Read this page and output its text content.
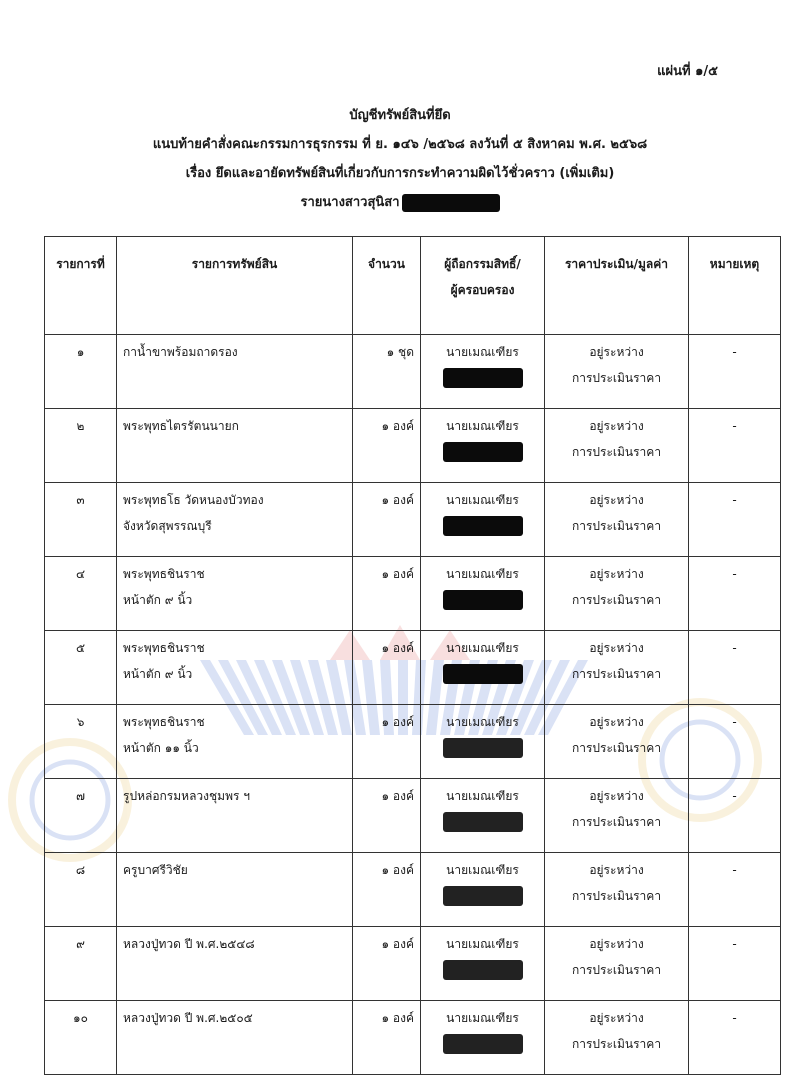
แผ่นที่ ๑/๕
บัญชีทรัพย์สินที่ยึด
แนบท้ายคำสั่งคณะกรรมการธุรกรรม ที่ ย. ๑๔๖ /๒๕๖๘ ลงวันที่ ๕ สิงหาคม พ.ศ. ๒๕๖๘
เรื่อง ยึดและอายัดทรัพย์สินที่เกี่ยวกับการกระทำความผิดไว้ชั่วคราว (เพิ่มเติม)
รายนางสาวสุนิสา
รายการที่	รายการทรัพย์สิน	จำนวน	ผู้ถือกรรมสิทธิ์/
ผู้ครอบครอง	ราคาประเมิน/มูลค่า	หมายเหตุ
๑	กาน้ำขาพร้อมถาดรอง	๑ ชุด	นายเมณเฑียร	อยู่ระหว่าง
การประเมินราคา	-
๒	พระพุทธไตรรัตนนายก	๑ องค์	นายเมณเฑียร	อยู่ระหว่าง
การประเมินราคา	-
๓	พระพุทธโธ วัดหนองบัวทอง
จังหวัดสุพรรณบุรี	๑ องค์	นายเมณเฑียร	อยู่ระหว่าง
การประเมินราคา	-
๔	พระพุทธชินราช
หน้าตัก ๙ นิ้ว	๑ องค์	นายเมณเฑียร	อยู่ระหว่าง
การประเมินราคา	-
๕	พระพุทธชินราช
หน้าตัก ๙ นิ้ว	๑ องค์	นายเมณเฑียร	อยู่ระหว่าง
การประเมินราคา	-
๖	พระพุทธชินราช
หน้าตัก ๑๑ นิ้ว	๑ องค์	นายเมณเฑียร	อยู่ระหว่าง
การประเมินราคา	-
๗	รูปหล่อกรมหลวงชุมพร ฯ	๑ องค์	นายเมณเฑียร	อยู่ระหว่าง
การประเมินราคา	-
๘	ครูบาศรีวิชัย	๑ องค์	นายเมณเฑียร	อยู่ระหว่าง
การประเมินราคา	-
๙	หลวงปู่ทวด ปี พ.ศ.๒๕๔๘	๑ องค์	นายเมณเฑียร	อยู่ระหว่าง
การประเมินราคา	-
๑๐	หลวงปู่ทวด ปี พ.ศ.๒๕๐๕	๑ องค์	นายเมณเฑียร	อยู่ระหว่าง
การประเมินราคา	-
